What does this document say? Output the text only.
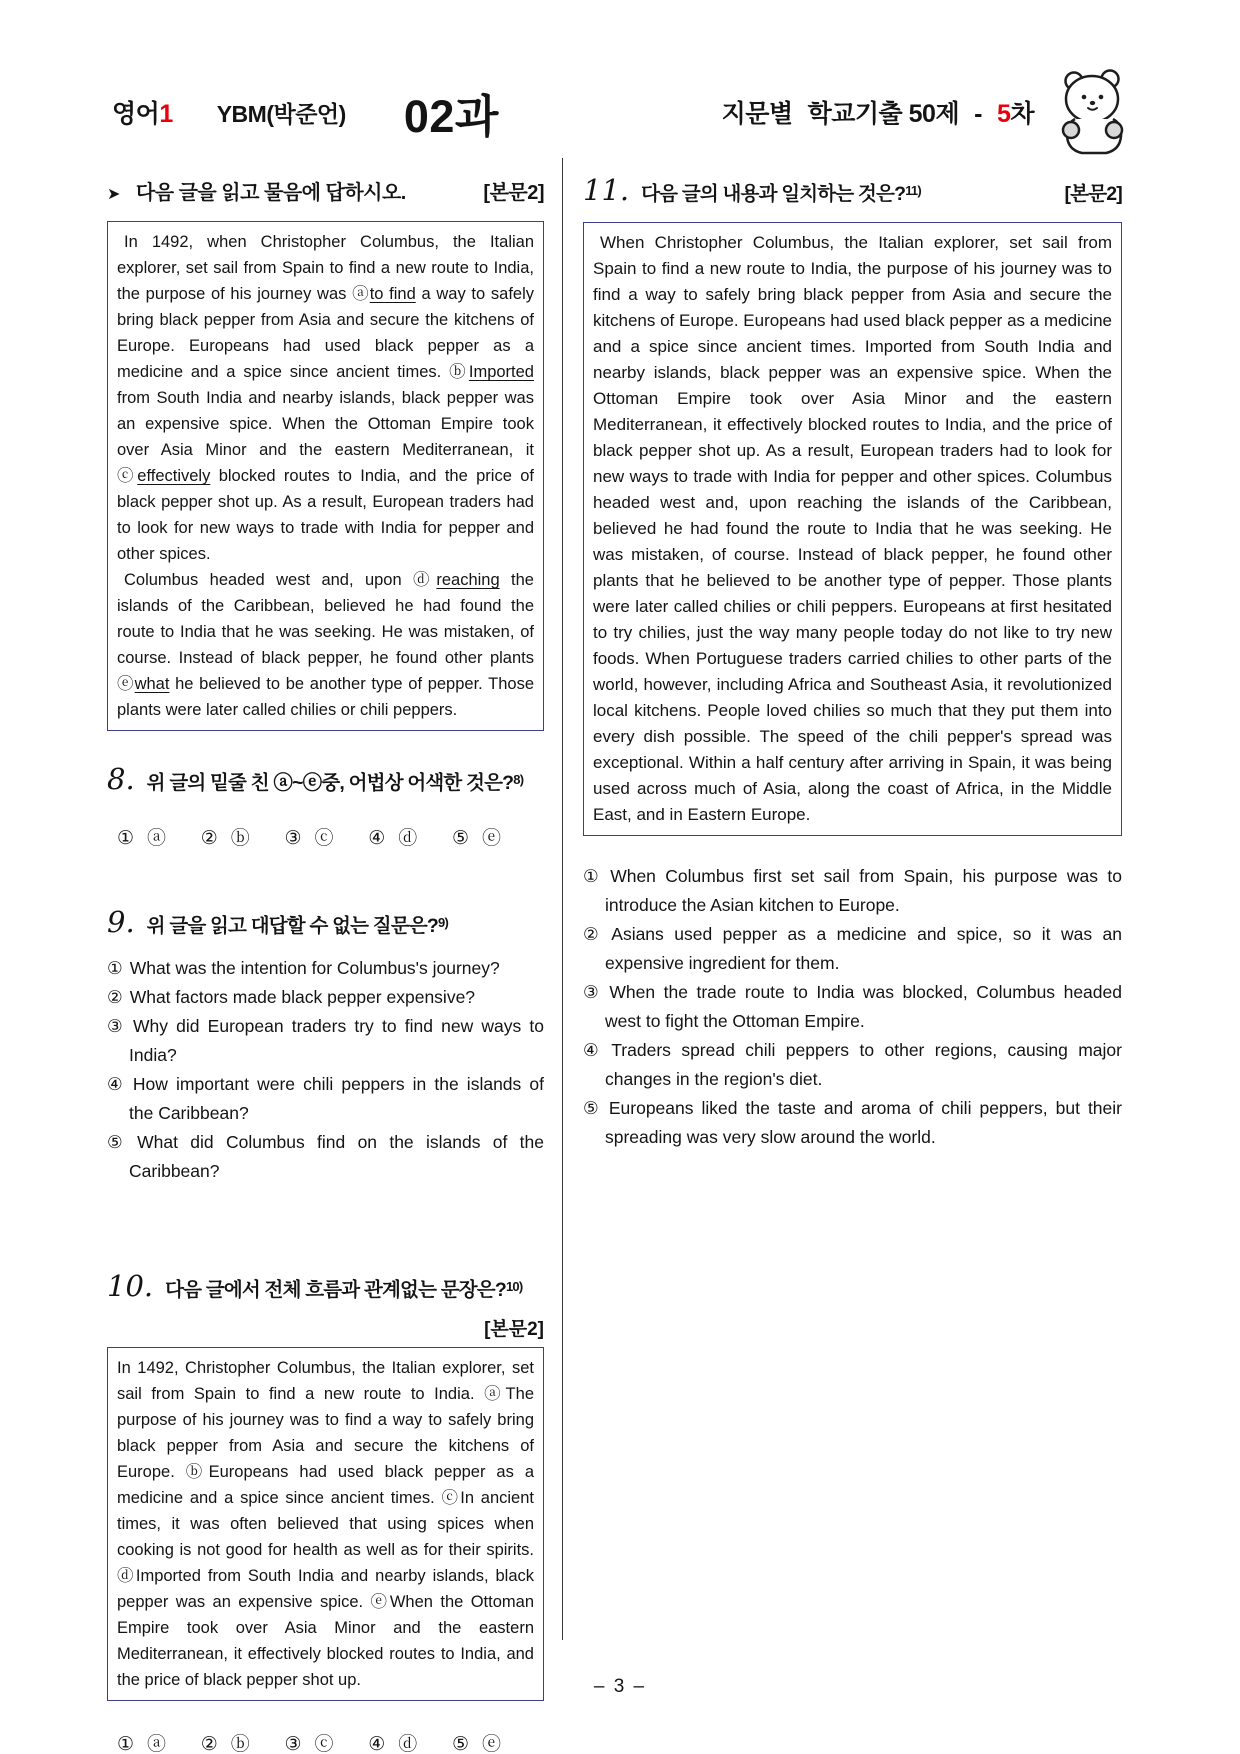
영어1 YBM(박준언) 02과	지문별 학교기출 50제 - 5차
➤ 다음 글을 읽고 물음에 답하시오.	[본문2]

In 1492, when Christopher Columbus, the Italian explorer, set sail from Spain to find a new route to India, the purpose of his journey was ⓐto find a way to safely bring black pepper from Asia and secure the kitchens of Europe. Europeans had used black pepper as a medicine and a spice since ancient times. ⓑImported from South India and nearby islands, black pepper was an expensive spice. When the Ottoman Empire took over Asia Minor and the eastern Mediterranean, it ⓒeffectively blocked routes to India, and the price of black pepper shot up. As a result, European traders had to look for new ways to trade with India for pepper and other spices.

Columbus headed west and, upon ⓓreaching the islands of the Caribbean, believed he had found the route to India that he was seeking. He was mistaken, of course. Instead of black pepper, he found other plants ⓔwhat he believed to be another type of pepper. Those plants were later called chilies or chili peppers.

8. 위 글의 밑줄 친 ⓐ~ⓔ중, 어법상 어색한 것은?$^{8)}$
① ⓐ ② ⓑ ③ ⓒ ④ ⓓ ⑤ ⓔ
9. 위 글을 읽고 대답할 수 없는 질문은?$^{9)}$
① What was the intention for Columbus's journey?
② What factors made black pepper expensive?
③ Why did European traders try to find new ways to India?
④ How important were chili peppers in the islands of the Caribbean?
⑤ What did Columbus find on the islands of the Caribbean?
10. 다음 글에서 전체 흐름과 관계없는 문장은?$^{10)}$
[본문2]

In 1492, Christopher Columbus, the Italian explorer, set sail from Spain to find a new route to India. ⓐThe purpose of his journey was to find a way to safely bring black pepper from Asia and secure the kitchens of Europe. ⓑEuropeans had used black pepper as a medicine and a spice since ancient times. ⓒIn ancient times, it was often believed that using spices when cooking is not good for health as well as for their spirits. ⓓImported from South India and nearby islands, black pepper was an expensive spice. ⓔWhen the Ottoman Empire took over Asia Minor and the eastern Mediterranean, it effectively blocked routes to India, and the price of black pepper shot up.

① ⓐ ② ⓑ ③ ⓒ ④ ⓓ ⑤ ⓔ
11. 다음 글의 내용과 일치하는 것은?$^{11)}$	[본문2]

When Christopher Columbus, the Italian explorer, set sail from Spain to find a new route to India, the purpose of his journey was to find a way to safely bring black pepper from Asia and secure the kitchens of Europe. Europeans had used black pepper as a medicine and a spice since ancient times. Imported from South India and nearby islands, black pepper was an expensive spice. When the Ottoman Empire took over Asia Minor and the eastern Mediterranean, it effectively blocked routes to India, and the price of black pepper shot up. As a result, European traders had to look for new ways to trade with India for pepper and other spices. Columbus headed west and, upon reaching the islands of the Caribbean, believed he had found the route to India that he was seeking. He was mistaken, of course. Instead of black pepper, he found other plants that he believed to be another type of pepper. Those plants were later called chilies or chili peppers. Europeans at first hesitated to try chilies, just the way many people today do not like to try new foods. When Portuguese traders carried chilies to other parts of the world, however, including Africa and Southeast Asia, it revolutionized local kitchens. People loved chilies so much that they put them into every dish possible. The speed of the chili pepper's spread was exceptional. Within a half century after arriving in Spain, it was being used across much of Asia, along the coast of Africa, in the Middle East, and in Eastern Europe.

① When Columbus first set sail from Spain, his purpose was to introduce the Asian kitchen to Europe.
② Asians used pepper as a medicine and spice, so it was an expensive ingredient for them.
③ When the trade route to India was blocked, Columbus headed west to fight the Ottoman Empire.
④ Traders spread chili peppers to other regions, causing major changes in the region's diet.
⑤ Europeans liked the taste and aroma of chili peppers, but their spreading was very slow around the world.
– 3 –
